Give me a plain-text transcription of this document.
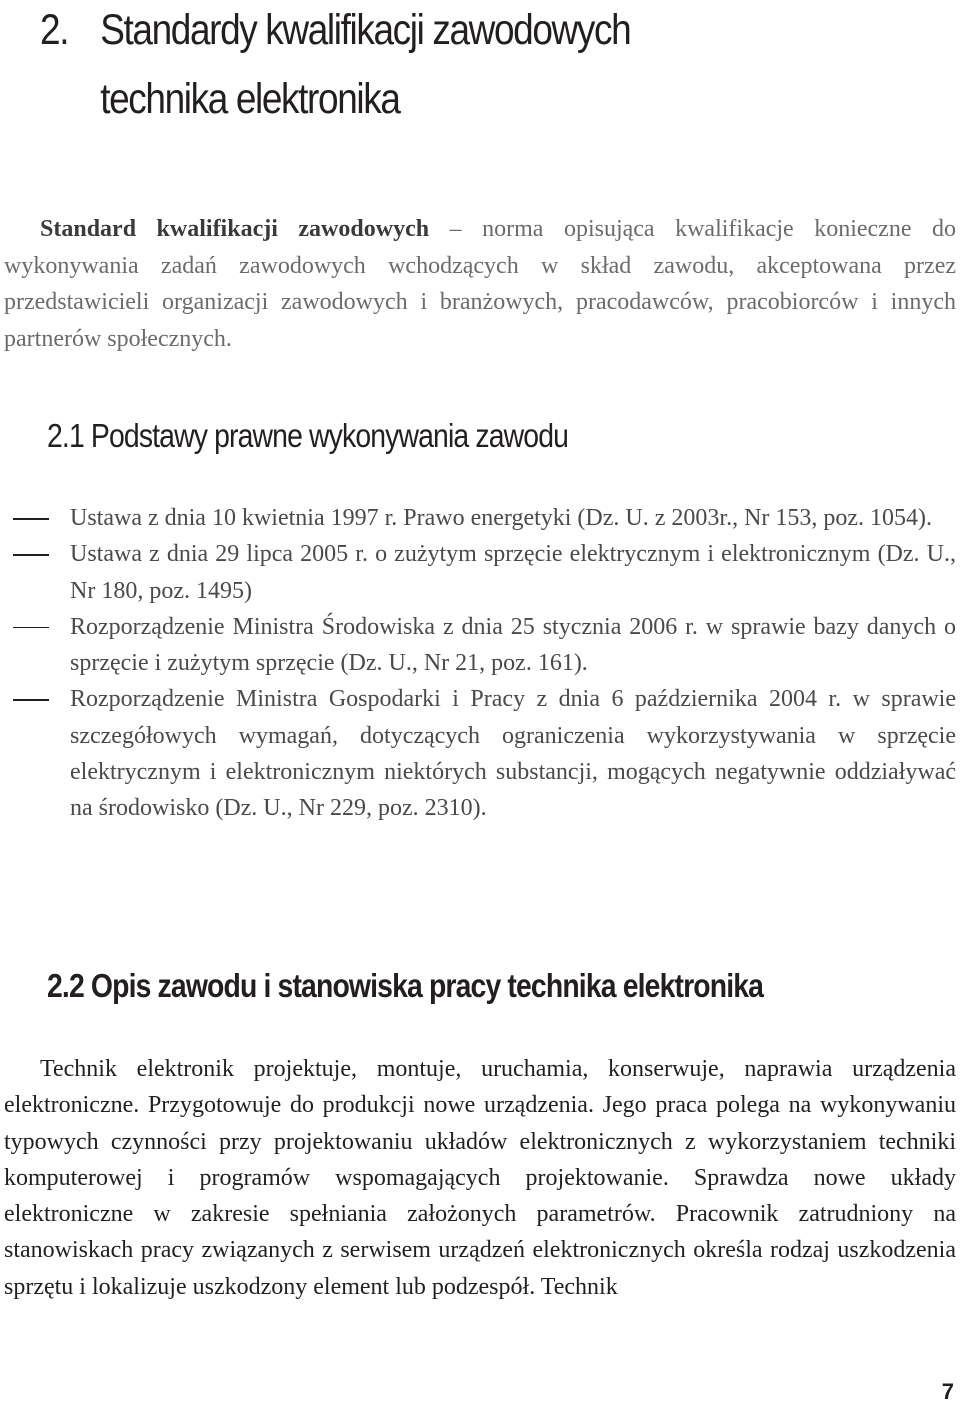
2. Standardy kwalifikacji zawodowych
technika elektronika

Standard kwalifikacji zawodowych – norma opisująca kwalifikacje konieczne do wykonywania zadań zawodowych wchodzących w skład zawodu, akceptowana przez przedstawicieli organizacji zawodowych i branżowych, pracodawców, pracobiorców i innych partnerów społecznych.

2.1 Podstawy prawne wykonywania zawodu
Ustawa z dnia 10 kwietnia 1997 r. Prawo energetyki (Dz. U. z 2003r., Nr 153, poz. 1054).
Ustawa z dnia 29 lipca 2005 r. o zużytym sprzęcie elektrycznym i elektronicznym (Dz. U., Nr 180, poz. 1495)
Rozporządzenie Ministra Środowiska z dnia 25 stycznia 2006 r. w sprawie bazy danych o sprzęcie i zużytym sprzęcie (Dz. U., Nr 21, poz. 161).
Rozporządzenie Ministra Gospodarki i Pracy z dnia 6 października 2004 r. w sprawie szczegółowych wymagań, dotyczących ograniczenia wykorzystywania w sprzęcie elektrycznym i elektronicznym niektórych substancji, mogących negatywnie oddziaływać na środowisko (Dz. U., Nr 229, poz. 2310).
2.2 Opis zawodu i stanowiska pracy technika elektronika

Technik elektronik projektuje, montuje, uruchamia, konserwuje, naprawia urządzenia elektroniczne. Przygotowuje do produkcji nowe urządzenia. Jego praca polega na wykonywaniu typowych czynności przy projektowaniu układów elektronicznych z wykorzystaniem techniki komputerowej i programów wspomagających projektowanie. Sprawdza nowe układy elektroniczne w zakresie spełniania założonych parametrów. Pracownik zatrudniony na stanowiskach pracy związanych z serwisem urządzeń elektronicznych określa rodzaj uszkodzenia sprzętu i lokalizuje uszkodzony element lub podzespół. Technik

7
